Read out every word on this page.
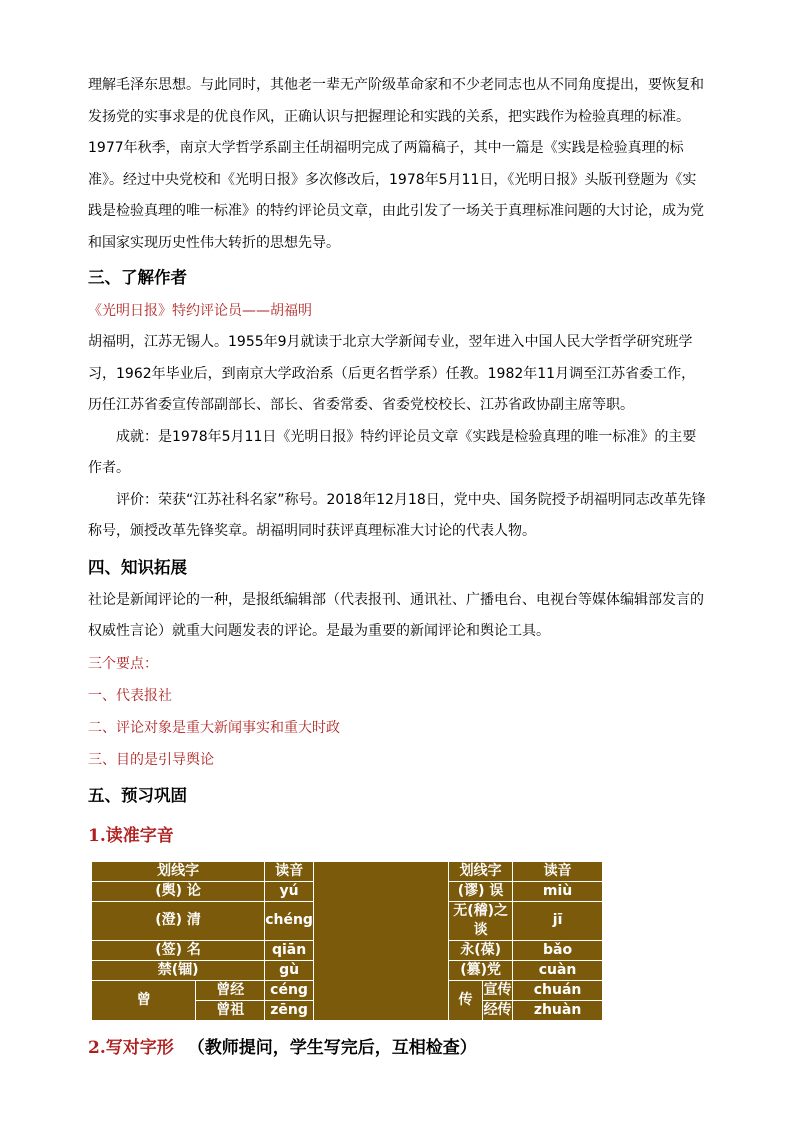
理解毛泽东思想。与此同时，其他老一辈无产阶级革命家和不少老同志也从不同角度提出，要恢复和发扬党的实事求是的优良作风，正确认识与把握理论和实践的关系，把实践作为检验真理的标准。1977年秋季，南京大学哲学系副主任胡福明完成了两篇稿子，其中一篇是《实践是检验真理的标准》。经过中央党校和《光明日报》多次修改后，1978年5月11日，《光明日报》头版刊登题为《实践是检验真理的唯一标准》的特约评论员文章，由此引发了一场关于真理标准问题的大讨论，成为党和国家实现历史性伟大转折的思想先导。

三、了解作者

《光明日报》特约评论员——胡福明

胡福明，江苏无锡人。1955年9月就读于北京大学新闻专业，翌年进入中国人民大学哲学研究班学习，1962年毕业后，到南京大学政治系（后更名哲学系）任教。1982年11月调至江苏省委工作，历任江苏省委宣传部副部长、部长、省委常委、省委党校校长、江苏省政协副主席等职。

成就：是1978年5月11日《光明日报》特约评论员文章《实践是检验真理的唯一标准》的主要作者。

评价：荣获“江苏社科名家”称号。2018年12月18日，党中央、国务院授予胡福明同志改革先锋称号，颁授改革先锋奖章。胡福明同时获评真理标准大讨论的代表人物。

四、知识拓展

社论是新闻评论的一种，是报纸编辑部（代表报刊、通讯社、广播电台、电视台等媒体编辑部发言的权威性言论）就重大问题发表的评论。是最为重要的新闻评论和舆论工具。

三个要点：

一、代表报社

二、评论对象是重大新闻事实和重大时政

三、目的是引导舆论

五、预习巩固
1.读准字音
划线字		读音		划线字		读音
(舆) 论		yú		(谬) 误		miù
(澄) 清		chéng		无(稽)之谈		jī
(签) 名		qiān		永(葆)		bǎo
禁(锢)		gù		(篡)党		cuàn
曾	曾经	céng		传	宣传	chuán
	曾祖	zēng			经传	zhuàn
2.写对字形 （教师提问，学生写完后，互相检查）
